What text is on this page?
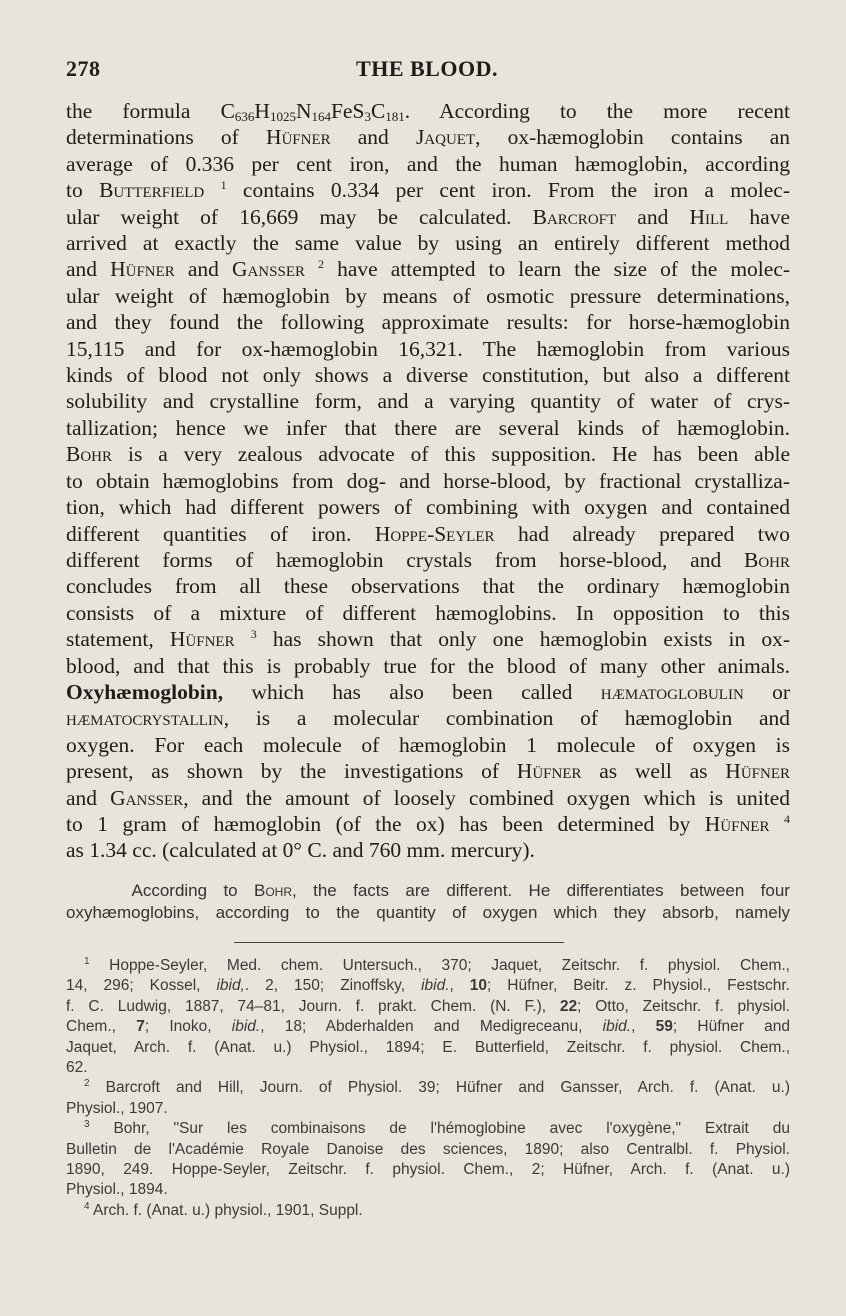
278	THE BLOOD.
the formula $C_{636}H_{1025}N_{164}FeS_3C_{181}$. According to the more recent
determinations of Hüfner and Jaquet, ox-hæmoglobin contains an
average of 0.336 per cent iron, and the human hæmoglobin, according
to Butterfield $^1$ contains 0.334 per cent iron. From the iron a molec-
ular weight of 16,669 may be calculated. Barcroft and Hill have
arrived at exactly the same value by using an entirely different method
and Hüfner and Gansser $^2$ have attempted to learn the size of the molec-
ular weight of hæmoglobin by means of osmotic pressure determinations,
and they found the following approximate results: for horse-hæmoglobin
15,115 and for ox-hæmoglobin 16,321. The hæmoglobin from various
kinds of blood not only shows a diverse constitution, but also a different
solubility and crystalline form, and a varying quantity of water of crys-
tallization; hence we infer that there are several kinds of hæmoglobin.
Bohr is a very zealous advocate of this supposition. He has been able
to obtain hæmoglobins from dog- and horse-blood, by fractional crystalliza-
tion, which had different powers of combining with oxygen and contained
different quantities of iron. Hoppe-Seyler had already prepared two
different forms of hæmoglobin crystals from horse-blood, and Bohr
concludes from all these observations that the ordinary hæmoglobin
consists of a mixture of different hæmoglobins. In opposition to this
statement, Hüfner $^3$ has shown that only one hæmoglobin exists in ox-
blood, and that this is probably true for the blood of many other animals.
Oxyhæmoglobin, which has also been called hæmatoglobulin or
hæmatocrystallin, is a molecular combination of hæmoglobin and
oxygen. For each molecule of hæmoglobin 1 molecule of oxygen is
present, as shown by the investigations of Hüfner as well as Hüfner
and Gansser, and the amount of loosely combined oxygen which is united
to 1 gram of hæmoglobin (of the ox) has been determined by Hüfner $^4$
as 1.34 cc. (calculated at 0° C. and 760 mm. mercury).
According to Bohr, the facts are different. He differentiates between four
oxyhæmoglobins, according to the quantity of oxygen which they absorb, namely
$^1$ Hoppe-Seyler, Med. chem. Untersuch., 370; Jaquet, Zeitschr. f. physiol. Chem.,
14, 296; Kossel, ibid,. 2, 150; Zinoffsky, ibid., 10; Hüfner, Beitr. z. Physiol., Festschr.
f. C. Ludwig, 1887, 74–81, Journ. f. prakt. Chem. (N. F.), 22; Otto, Zeitschr. f. physiol.
Chem., 7; Inoko, ibid., 18; Abderhalden and Medigreceanu, ibid., 59; Hüfner and
Jaquet, Arch. f. (Anat. u.) Physiol., 1894; E. Butterfield, Zeitschr. f. physiol. Chem.,
62.
$^2$ Barcroft and Hill, Journ. of Physiol. 39; Hüfner and Gansser, Arch. f. (Anat. u.)
Physiol., 1907.
$^3$ Bohr, "Sur les combinaisons de l'hémoglobine avec l'oxygène," Extrait du
Bulletin de l'Académie Royale Danoise des sciences, 1890; also Centralbl. f. Physiol.
1890, 249. Hoppe-Seyler, Zeitschr. f. physiol. Chem., 2; Hüfner, Arch. f. (Anat. u.)
Physiol., 1894.
$^4$ Arch. f. (Anat. u.) physiol., 1901, Suppl.
